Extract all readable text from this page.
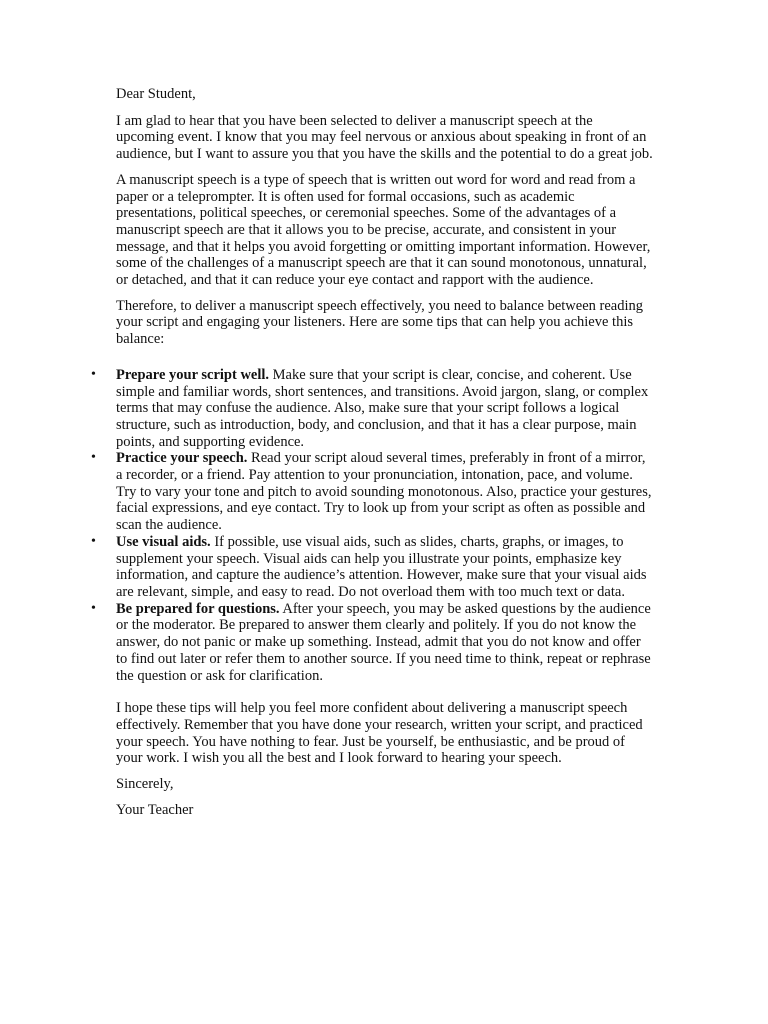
Dear Student,

I am glad to hear that you have been selected to deliver a manuscript speech at the upcoming event. I know that you may feel nervous or anxious about speaking in front of an audience, but I want to assure you that you have the skills and the potential to do a great job.

A manuscript speech is a type of speech that is written out word for word and read from a paper or a teleprompter. It is often used for formal occasions, such as academic presentations, political speeches, or ceremonial speeches. Some of the advantages of a manuscript speech are that it allows you to be precise, accurate, and consistent in your message, and that it helps you avoid forgetting or omitting important information. However, some of the challenges of a manuscript speech are that it can sound monotonous, unnatural, or detached, and that it can reduce your eye contact and rapport with the audience.

Therefore, to deliver a manuscript speech effectively, you need to balance between reading your script and engaging your listeners. Here are some tips that can help you achieve this balance:

• Prepare your script well. Make sure that your script is clear, concise, and coherent. Use simple and familiar words, short sentences, and transitions. Avoid jargon, slang, or complex terms that may confuse the audience. Also, make sure that your script follows a logical structure, such as introduction, body, and conclusion, and that it has a clear purpose, main points, and supporting evidence.
• Practice your speech. Read your script aloud several times, preferably in front of a mirror, a recorder, or a friend. Pay attention to your pronunciation, intonation, pace, and volume. Try to vary your tone and pitch to avoid sounding monotonous. Also, practice your gestures, facial expressions, and eye contact. Try to look up from your script as often as possible and scan the audience.
• Use visual aids. If possible, use visual aids, such as slides, charts, graphs, or images, to supplement your speech. Visual aids can help you illustrate your points, emphasize key information, and capture the audience’s attention. However, make sure that your visual aids are relevant, simple, and easy to read. Do not overload them with too much text or data.
• Be prepared for questions. After your speech, you may be asked questions by the audience or the moderator. Be prepared to answer them clearly and politely. If you do not know the answer, do not panic or make up something. Instead, admit that you do not know and offer to find out later or refer them to another source. If you need time to think, repeat or rephrase the question or ask for clarification.

I hope these tips will help you feel more confident about delivering a manuscript speech effectively. Remember that you have done your research, written your script, and practiced your speech. You have nothing to fear. Just be yourself, be enthusiastic, and be proud of your work. I wish you all the best and I look forward to hearing your speech.

Sincerely,

Your Teacher
